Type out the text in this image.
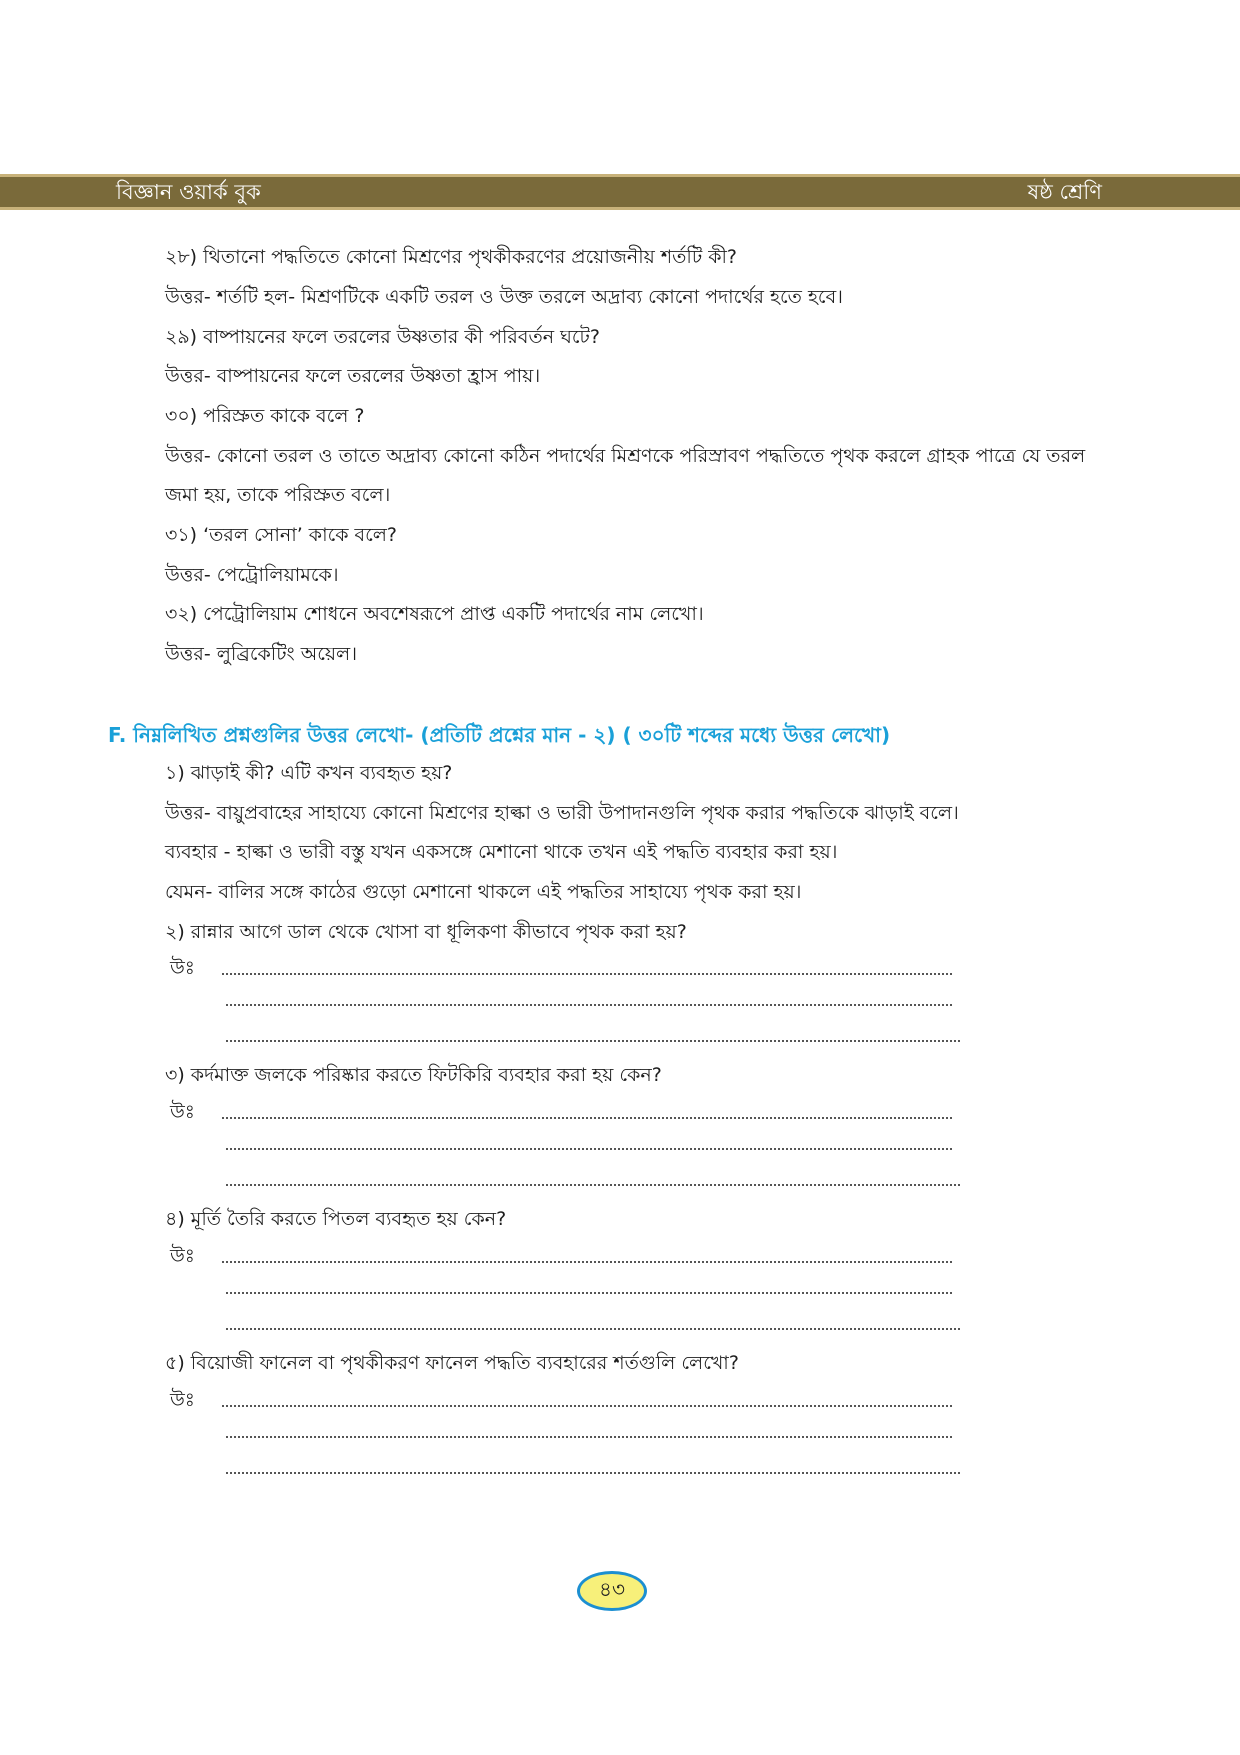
বিজ্ঞান ওয়ার্ক বুক	ষষ্ঠ শ্রেণি
২৮) থিতানো পদ্ধতিতে কোনো মিশ্রণের পৃথকীকরণের প্রয়োজনীয় শর্তটি কী?
উত্তর- শর্তটি হল- মিশ্রণটিকে একটি তরল ও উক্ত তরলে অদ্রাব্য কোনো পদার্থের হতে হবে।
২৯) বাষ্পায়নের ফলে তরলের উষ্ণতার কী পরিবর্তন ঘটে?
উত্তর- বাষ্পায়নের ফলে তরলের উষ্ণতা হ্রাস পায়।
৩০) পরিস্রুত কাকে বলে ?
উত্তর- কোনো তরল ও তাতে অদ্রাব্য কোনো কঠিন পদার্থের মিশ্রণকে পরিস্রাবণ পদ্ধতিতে পৃথক করলে গ্রাহক পাত্রে যে তরল
জমা হয়, তাকে পরিস্রুত বলে।
৩১) ‘তরল সোনা’ কাকে বলে?
উত্তর- পেট্রোলিয়ামকে।
৩২) পেট্রোলিয়াম শোধনে অবশেষরূপে প্রাপ্ত একটি পদার্থের নাম লেখো।
উত্তর- লুব্রিকেটিং অয়েল।
F. নিম্নলিখিত প্রশ্নগুলির উত্তর লেখো- (প্রতিটি প্রশ্নের মান - ২) ( ৩০টি শব্দের মধ্যে উত্তর লেখো)
১) ঝাড়াই কী? এটি কখন ব্যবহৃত হয়?
উত্তর- বায়ুপ্রবাহের সাহায্যে কোনো মিশ্রণের হাল্কা ও ভারী উপাদানগুলি পৃথক করার পদ্ধতিকে ঝাড়াই বলে।
ব্যবহার - হাল্কা ও ভারী বস্তু যখন একসঙ্গে মেশানো থাকে তখন এই পদ্ধতি ব্যবহার করা হয়।
যেমন- বালির সঙ্গে কাঠের গুড়ো মেশানো থাকলে এই পদ্ধতির সাহায্যে পৃথক করা হয়।
২) রান্নার আগে ডাল থেকে খোসা বা ধূলিকণা কীভাবে পৃথক করা হয়?
উঃ
৩) কর্দমাক্ত জলকে পরিষ্কার করতে ফিটকিরি ব্যবহার করা হয় কেন?
উঃ
৪) মূর্তি তৈরি করতে পিতল ব্যবহৃত হয় কেন?
উঃ
৫) বিয়োজী ফানেল বা পৃথকীকরণ ফানেল পদ্ধতি ব্যবহারের শর্তগুলি লেখো?
উঃ
৪৩
